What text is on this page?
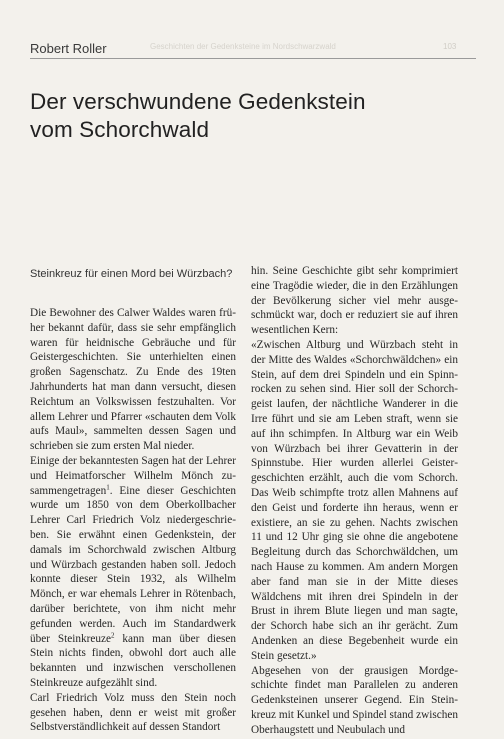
Robert Roller	Geschichten der Gedenksteine im Nordschwarzwald	103
Der verschwundene Gedenkstein
vom Schorchwald
Steinkreuz für einen Mord bei Würzbach?

Die Bewohner des Calwer Waldes waren früher bekannt dafür, dass sie sehr empfänglich waren für heidnische Gebräuche und für Geistergeschichten. Sie unterhielten einen großen Sagenschatz. Zu Ende des 19ten Jahrhunderts hat man dann versucht, diesen Reichtum an Volkswissen festzuhalten. Vor allem Lehrer und Pfarrer «schauten dem Volk aufs Maul», sammelten dessen Sagen und schrieben sie zum ersten Mal nieder.

Einige der bekanntesten Sagen hat der Lehrer und Heimatforscher Wilhelm Mönch zusammengetragen$^1$. Eine dieser Geschichten wurde um 1850 von dem Oberkollbacher Lehrer Carl Friedrich Volz niedergeschrieben. Sie erwähnt einen Gedenkstein, der damals im Schorchwald zwischen Altburg und Würzbach gestanden haben soll. Jedoch konnte dieser Stein 1932, als Wilhelm Mönch, er war ehemals Lehrer in Rötenbach, darüber berichtete, von ihm nicht mehr gefunden werden. Auch im Standardwerk über Steinkreuze$^2$ kann man über diesen Stein nichts finden, obwohl dort auch alle bekannten und inzwischen verschollenen Steinkreuze aufgezählt sind.

Carl Friedrich Volz muss den Stein noch gesehen haben, denn er weist mit großer Selbstverständlichkeit auf dessen Standort

hin. Seine Geschichte gibt sehr komprimiert eine Tragödie wieder, die in den Erzählungen der Bevölkerung sicher viel mehr ausgeschmückt war, doch er reduziert sie auf ihren wesentlichen Kern:

«Zwischen Altburg und Würzbach steht in der Mitte des Waldes «Schorchwäldchen» ein Stein, auf dem drei Spindeln und ein Spinnrocken zu sehen sind. Hier soll der Schorchgeist laufen, der nächtliche Wanderer in die Irre führt und sie am Leben straft, wenn sie auf ihn schimpfen. In Altburg war ein Weib von Würzbach bei ihrer Gevatterin in der Spinnstube. Hier wurden allerlei Geistergeschichten erzählt, auch die vom Schorch. Das Weib schimpfte trotz allen Mahnens auf den Geist und forderte ihn heraus, wenn er existiere, an sie zu gehen. Nachts zwischen 11 und 12 Uhr ging sie ohne die angebotene Begleitung durch das Schorchwäldchen, um nach Hause zu kommen. Am andern Morgen aber fand man sie in der Mitte dieses Wäldchens mit ihren drei Spindeln in der Brust in ihrem Blute liegen und man sagte, der Schorch habe sich an ihr gerächt. Zum Andenken an diese Begebenheit wurde ein Stein gesetzt.»

Abgesehen von der grausigen Mordgeschichte findet man Parallelen zu anderen Gedenksteinen unserer Gegend. Ein Steinkreuz mit Kunkel und Spindel stand zwischen Oberhaugstett und Neubulach und
